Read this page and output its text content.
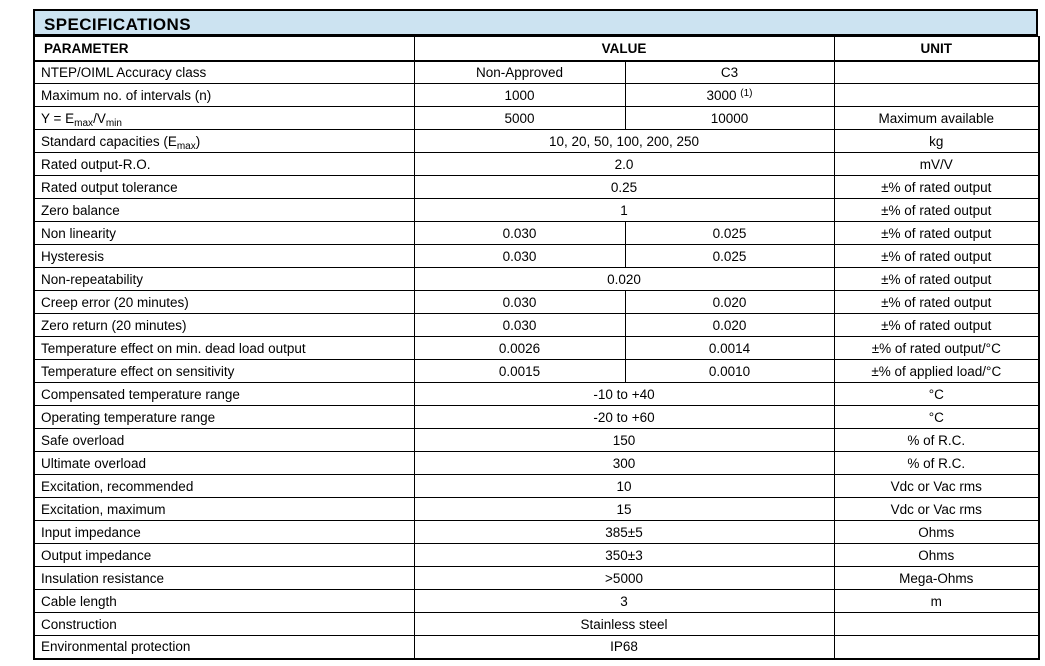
SPECIFICATIONS
PARAMETER	VALUE		UNIT
NTEP/OIML Accuracy class	Non-Approved	C3	
Maximum no. of intervals (n)	1000	3000 $^{(1)}$	
$Y = E_{max}/V_{min}$	5000	10000	Maximum available
Standard capacities $(E_{max})$	10, 20, 50, 100, 200, 250		kg
Rated output-R.O.	2.0		mV/V
Rated output tolerance	0.25		±% of rated output
Zero balance	1		±% of rated output
Non linearity	0.030	0.025	±% of rated output
Hysteresis	0.030	0.025	±% of rated output
Non-repeatability	0.020		±% of rated output
Creep error (20 minutes)	0.030	0.020	±% of rated output
Zero return (20 minutes)	0.030	0.020	±% of rated output
Temperature effect on min. dead load output	0.0026	0.0014	±% of rated output/°C
Temperature effect on sensitivity	0.0015	0.0010	±% of applied load/°C
Compensated temperature range	-10 to +40		°C
Operating temperature range	-20 to +60		°C
Safe overload	150		% of R.C.
Ultimate overload	300		% of R.C.
Excitation, recommended	10		Vdc or Vac rms
Excitation, maximum	15		Vdc or Vac rms
Input impedance	385±5		Ohms
Output impedance	350±3		Ohms
Insulation resistance	>5000		Mega-Ohms
Cable length	3		m
Construction	Stainless steel		
Environmental protection	IP68		
